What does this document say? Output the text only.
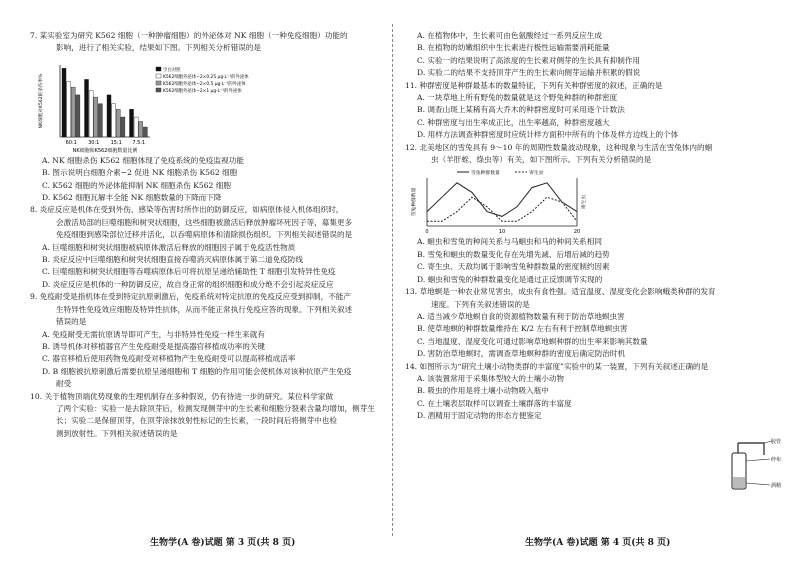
7. 某实验室为研究 K562 细胞（一种肿瘤细胞）的外泌体对 NK 细胞（一种免疫细胞）功能的

影响，进行了相关实验，结果如下图。下列相关分析错误的是

60:1 30:1 15:1 7.5:1
NK细胞对K562的杀伤率%
NK细胞和K562细胞数量比例
空白对照
K562细胞外泌体−2×0.25 μg·L⁻¹的外泌体
K562细胞外泌体−2×0.5 μg·L⁻¹的外泌体
K562细胞外泌体−2×1 μg·L⁻¹的外泌体

A. NK 细胞杀伤 K562 细胞体现了免疫系统的免疫监视功能

B. 图示说明白细胞介素−2 促进 NK 细胞杀伤 K562 细胞

C. K562 细胞的外泌体能抑制 NK 细胞杀伤 K562 细胞

D. K562 细胞瓦解丰全能 NK 细胞数量的下降而下降

8. 炎症反应是机体在受到外伤、感染等伤害时所作出的防御反应，如病原体侵入机体组织时，

会激活局部的巨噬细胞和树突状细胞，这些细胞被激活后释放肿瘤坏死因子等，募集更多

免疫细胞到感染部位迁移并活化，以吞噬病原体和清除损伤组织。下列相关叙述错误的是

A. 巨噬细胞和树突状细胞被病原体激活后释放的细胞因子属于免疫活性物质

B. 炎症反应中巨噬细胞和树突状细胞直接吞噬消灭病原体属于第二道免疫防线

C. 巨噬细胞和树突状细胞等吞噬病原体后可将抗原呈递给辅助性 T 细胞引发特异性免疫

D. 炎症反应是机体的一种防御反应，故自身正常的组织细胞和成分绝不会引起炎症反应

9. 免疫耐受是指机体在受到特定抗原刺激后，免疫系统对特定抗原的免疫反应受到抑制，不能产

生特异性免疫效应细胞及特异性抗体，从而不能正常执行免疫应答的现象。下列相关叙述

错误的是

A. 免疫耐受无需抗原诱导即可产生，与非特异性免疫一样生来就有

B. 诱导机体对移植器官产生免疫耐受是提高器官移植成功率的关键

C. 器官移植后使用药物免疫耐受对移植物产生免疫耐受可以提高移植成活率

D. B 细胞被抗原刺激后需要抗原呈递细胞和 T 细胞的作用可能会使机体对该种抗原产生免疫

耐受

10. 关于植物顶端优势现象的生理机制存在多种假说，仍有待进一步的研究。某位科学家做

了两个实验：实验一是去除顶芽后，检测发现侧芽中的生长素和细胞分裂素含量均增加，侧芽生

长；实验二是保留顶芽，在顶芽涂抹放射性标记的生长素，一段时间后将侧芽中也检

测到放射性。下列相关叙述错误的是

A. 在植物体中，生长素可由色氨酸经过一系列反应生成

B. 在植物的幼嫩组织中生长素进行极性运输需要消耗能量

C. 实验一的结果说明了高浓度的生长素对侧芽的生长具有抑制作用

D. 实验二的结果不支持顶芽产生的生长素向侧芽运输并积累的假说

11. 种群密度是种群最基本的数量特征，下列有关种群密度的叙述，正确的是

A. 一块草地上所有野兔的数量就是这个野兔种群的种群密度

B. 调查山斑上某稀有高大乔木的种群密度时可采用逐个计数法

C. 种群密度与出生率成正比，出生率越高，种群密度越大

D. 用样方法调查种群密度时应统计样方面积中所有的个体及样方边线上的个体

12. 北美地区的雪兔具有 9～10 年的周期性数量波动现象，这种现象与生活在雪兔体内的蛔

虫（羊肝蛭、绦虫等）有关，如下图所示。下列有关分析错误的是

0	10	20
雪兔种群数量	寄生虫
雪兔种群数量	寄生虫

A. 蛔虫和雪兔的种间关系与马蛔虫和马的种间关系相同

B. 雪兔和蛔虫的数量变化存在先增先减、后增后减的趋势

C. 寄生虫、天敌均属于影响雪兔种群数量的密度制约因素

D. 蛔虫和雪兔的种群数量变化是通过正反馈调节实现的

13. 草地螟是一种农业常见害虫，成虫有食性强。适宜温度、湿度变化会影响蛾类种群的发育

速度。下列有关叙述错误的是

A. 适当减少草地螟自食的资源植物数量有利于防治草地螟虫害

B. 使草地螟的种群数量维持在 K/2 左右有利于控制草地螟虫害

C. 当地温度、湿度变化可通过影响草地螟种群的出生率来影响其数量

D. 害防治草地螟时，需调查草地螟种群的密度后确定防治时机

14. 如图所示为“研究土壤小动物类群的丰富度”实验中的某一装置，下列有关叙述正确的是

A. 该装置常用于采集体型较大的土壤小动物

B. 吸虫的作用是将土壤小动物吸入瓶中

C. 在土壤表层取样可以调查土壤群落的丰富度

D. 酒精用于固定动物的形态方便鉴定

胶管
纱布
酒精
生物学(A 卷)试题 第 3 页(共 8 页)	生物学(A 卷)试题 第 4 页(共 8 页)
